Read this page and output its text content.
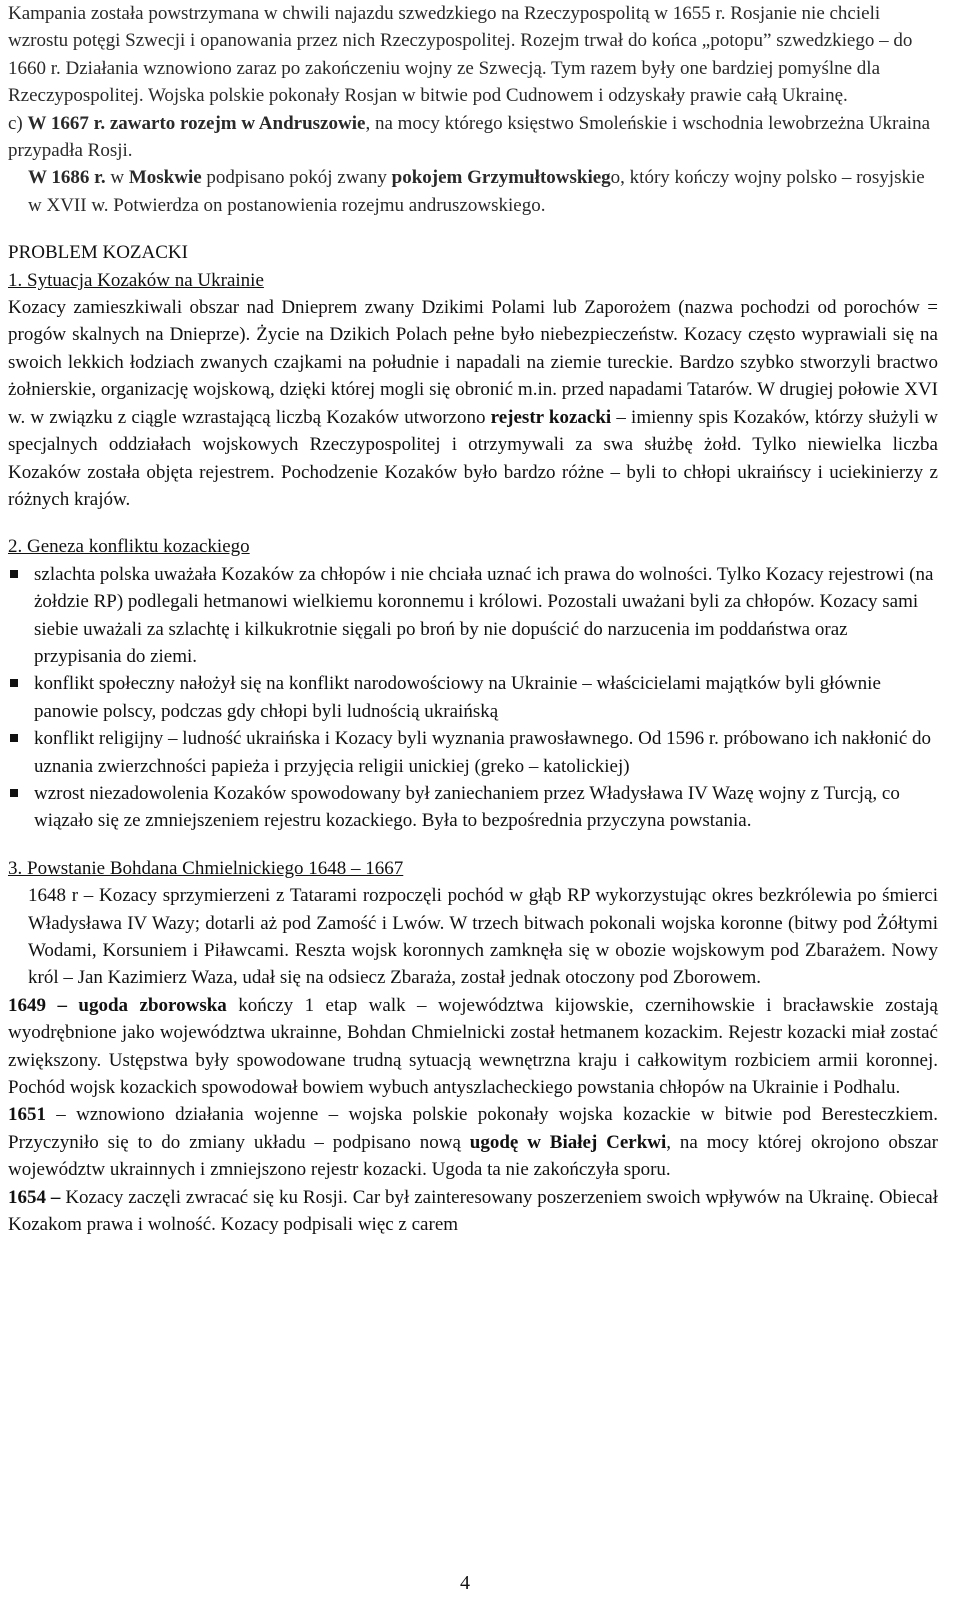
Kampania została powstrzymana w chwili najazdu szwedzkiego na Rzeczypospolitą w 1655 r. Rosjanie nie chcieli wzrostu potęgi Szwecji i opanowania przez nich Rzeczypospolitej. Rozejm trwał do końca „potopu” szwedzkiego – do 1660 r. Działania wznowiono zaraz po zakończeniu wojny ze Szwecją. Tym razem były one bardziej pomyślne dla Rzeczypospolitej. Wojska polskie pokonały Rosjan w bitwie pod Cudnowem i odzyskały prawie całą Ukrainę.

c) W 1667 r. zawarto rozejm w Andruszowie, na mocy którego księstwo Smoleńskie i wschodnia lewobrzeżna Ukraina przypadła Rosji.

W 1686 r. w Moskwie podpisano pokój zwany pokojem Grzymułtowskiego, który kończy wojny polsko – rosyjskie w XVII w. Potwierdza on postanowienia rozejmu andruszowskiego.

PROBLEM KOZACKI

1. Sytuacja Kozaków na Ukrainie

Kozacy zamieszkiwali obszar nad Dnieprem zwany Dzikimi Polami lub Zaporożem (nazwa pochodzi od porochów = progów skalnych na Dnieprze). Życie na Dzikich Polach pełne było niebezpieczeństw. Kozacy często wyprawiali się na swoich lekkich łodziach zwanych czajkami na południe i napadali na ziemie tureckie. Bardzo szybko stworzyli bractwo żołnierskie, organizację wojskową, dzięki której mogli się obronić m.in. przed napadami Tatarów. W drugiej połowie XVI w. w związku z ciągle wzrastającą liczbą Kozaków utworzono rejestr kozacki – imienny spis Kozaków, którzy służyli w specjalnych oddziałach wojskowych Rzeczypospolitej i otrzymywali za swa służbę żołd. Tylko niewielka liczba Kozaków została objęta rejestrem. Pochodzenie Kozaków było bardzo różne – byli to chłopi ukraińscy i uciekinierzy z różnych krajów.

2. Geneza konfliktu kozackiego

szlachta polska uważała Kozaków za chłopów i nie chciała uznać ich prawa do wolności. Tylko Kozacy rejestrowi (na żołdzie RP) podlegali hetmanowi wielkiemu koronnemu i królowi. Pozostali uważani byli za chłopów. Kozacy sami siebie uważali za szlachtę i kilkukrotnie sięgali po broń by nie dopuścić do narzucenia im poddaństwa oraz przypisania do ziemi.
konflikt społeczny nałożył się na konflikt narodowościowy na Ukrainie – właścicielami majątków byli głównie panowie polscy, podczas gdy chłopi byli ludnością ukraińską
konflikt religijny – ludność ukraińska i Kozacy byli wyznania prawosławnego. Od 1596 r. próbowano ich nakłonić do uznania zwierzchności papieża i przyjęcia religii unickiej (greko – katolickiej)
wzrost niezadowolenia Kozaków spowodowany był zaniechaniem przez Władysława IV Wazę wojny z Turcją, co wiązało się ze zmniejszeniem rejestru kozackiego. Była to bezpośrednia przyczyna powstania.

3. Powstanie Bohdana Chmielnickiego 1648 – 1667

1648 r – Kozacy sprzymierzeni z Tatarami rozpoczęli pochód w głąb RP wykorzystując okres bezkrólewia po śmierci Władysława IV Wazy; dotarli aż pod Zamość i Lwów. W trzech bitwach pokonali wojska koronne (bitwy pod Żółtymi Wodami, Korsuniem i Piławcami. Reszta wojsk koronnych zamknęła się w obozie wojskowym pod Zbarażem. Nowy król – Jan Kazimierz Waza, udał się na odsiecz Zbaraża, został jednak otoczony pod Zborowem.

1649 – ugoda zborowska kończy 1 etap walk – województwa kijowskie, czernihowskie i bracławskie zostają wyodrębnione jako województwa ukrainne, Bohdan Chmielnicki został hetmanem kozackim. Rejestr kozacki miał zostać zwiększony. Ustępstwa były spowodowane trudną sytuacją wewnętrzna kraju i całkowitym rozbiciem armii koronnej. Pochód wojsk kozackich spowodował bowiem wybuch antyszlacheckiego powstania chłopów na Ukrainie i Podhalu.

1651 – wznowiono działania wojenne – wojska polskie pokonały wojska kozackie w bitwie pod Beresteczkiem. Przyczyniło się to do zmiany układu – podpisano nową ugodę w Białej Cerkwi, na mocy której okrojono obszar województw ukrainnych i zmniejszono rejestr kozacki. Ugoda ta nie zakończyła sporu.

1654 – Kozacy zaczęli zwracać się ku Rosji. Car był zainteresowany poszerzeniem swoich wpływów na Ukrainę. Obiecał Kozakom prawa i wolność. Kozacy podpisali więc z carem

4
